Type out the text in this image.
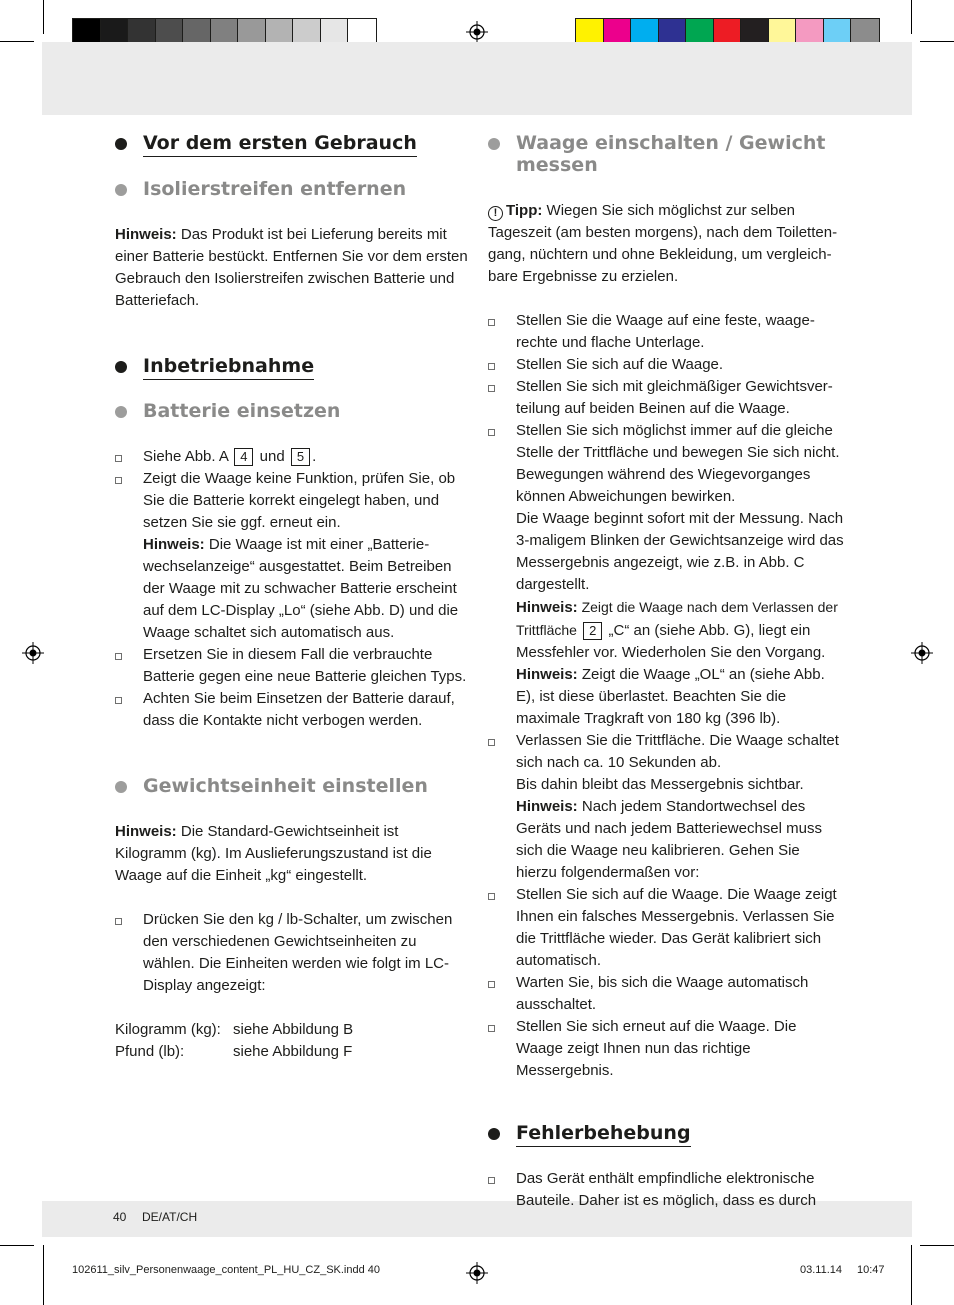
Vor dem ersten Gebrauch
Isolierstreifen entfernen

Hinweis: Das Produkt ist bei Lieferung bereits mit einer Batterie bestückt. Entfernen Sie vor dem ersten Gebrauch den Isolierstreifen zwischen Batterie und Batteriefach.

Inbetriebnahme
Batterie einsetzen
Siehe Abb. A 4 und 5 .
Zeigt die Waage keine Funktion, prüfen Sie, ob Sie die Batterie korrekt eingelegt haben, und setzen Sie sie ggf. erneut ein.
Hinweis: Die Waage ist mit einer „Batteriewechselanzeige“ ausgestattet. Beim Betreiben der Waage mit zu schwacher Batterie erscheint auf dem LC-Display „Lo“ (siehe Abb. D) und die Waage schaltet sich automatisch aus.
Ersetzen Sie in diesem Fall die verbrauchte Batterie gegen eine neue Batterie gleichen Typs.
Achten Sie beim Einsetzen der Batterie darauf, dass die Kontakte nicht verbogen werden.
Gewichtseinheit einstellen

Hinweis: Die Standard-Gewichtseinheit ist Kilogramm (kg). Im Auslieferungszustand ist die Waage auf die Einheit „kg“ eingestellt.

Drücken Sie den kg / lb-Schalter, um zwischen den verschiedenen Gewichtseinheiten zu wählen. Die Einheiten werden wie folgt im LC-Display angezeigt:
Kilogramm (kg): siehe Abbildung B
Pfund (lb):	siehe Abbildung F
Waage einschalten / Gewicht messen

! Tipp: Wiegen Sie sich möglichst zur selben Tageszeit (am besten morgens), nach dem Toilettengang, nüchtern und ohne Bekleidung, um vergleichbare Ergebnisse zu erzielen.

Stellen Sie die Waage auf eine feste, waagerechte und flache Unterlage.
Stellen Sie sich auf die Waage.
Stellen Sie sich mit gleichmäßiger Gewichtsverteilung auf beiden Beinen auf die Waage.
Stellen Sie sich möglichst immer auf die gleiche Stelle der Trittfläche und bewegen Sie sich nicht. Bewegungen während des Wiegevorganges können Abweichungen bewirken.
Die Waage beginnt sofort mit der Messung. Nach 3-maligem Blinken der Gewichtsanzeige wird das Messergebnis angezeigt, wie z.B. in Abb. C dargestellt.
Hinweis: Zeigt die Waage nach dem Verlassen der Trittfläche 2 „C“ an (siehe Abb. G), liegt ein Messfehler vor. Wiederholen Sie den Vorgang.
Hinweis: Zeigt die Waage „OL“ an (siehe Abb. E), ist diese überlastet. Beachten Sie die maximale Tragkraft von 180 kg (396 lb).
Verlassen Sie die Trittfläche. Die Waage schaltet sich nach ca. 10 Sekunden ab.
Bis dahin bleibt das Messergebnis sichtbar.
Hinweis: Nach jedem Standortwechsel des Geräts und nach jedem Batteriewechsel muss sich die Waage neu kalibrieren. Gehen Sie hierzu folgendermaßen vor:
Stellen Sie sich auf die Waage. Die Waage zeigt Ihnen ein falsches Messergebnis. Verlassen Sie die Trittfläche wieder. Das Gerät kalibriert sich automatisch.
Warten Sie, bis sich die Waage automatisch ausschaltet.
Stellen Sie sich erneut auf die Waage. Die Waage zeigt Ihnen nun das richtige Messergebnis.
Fehlerbehebung
Das Gerät enthält empfindliche elektronische Bauteile. Daher ist es möglich, dass es durch
40 DE/AT/CH
102611_silv_Personenwaage_content_PL_HU_CZ_SK.indd 40	03.11.14 10:47
